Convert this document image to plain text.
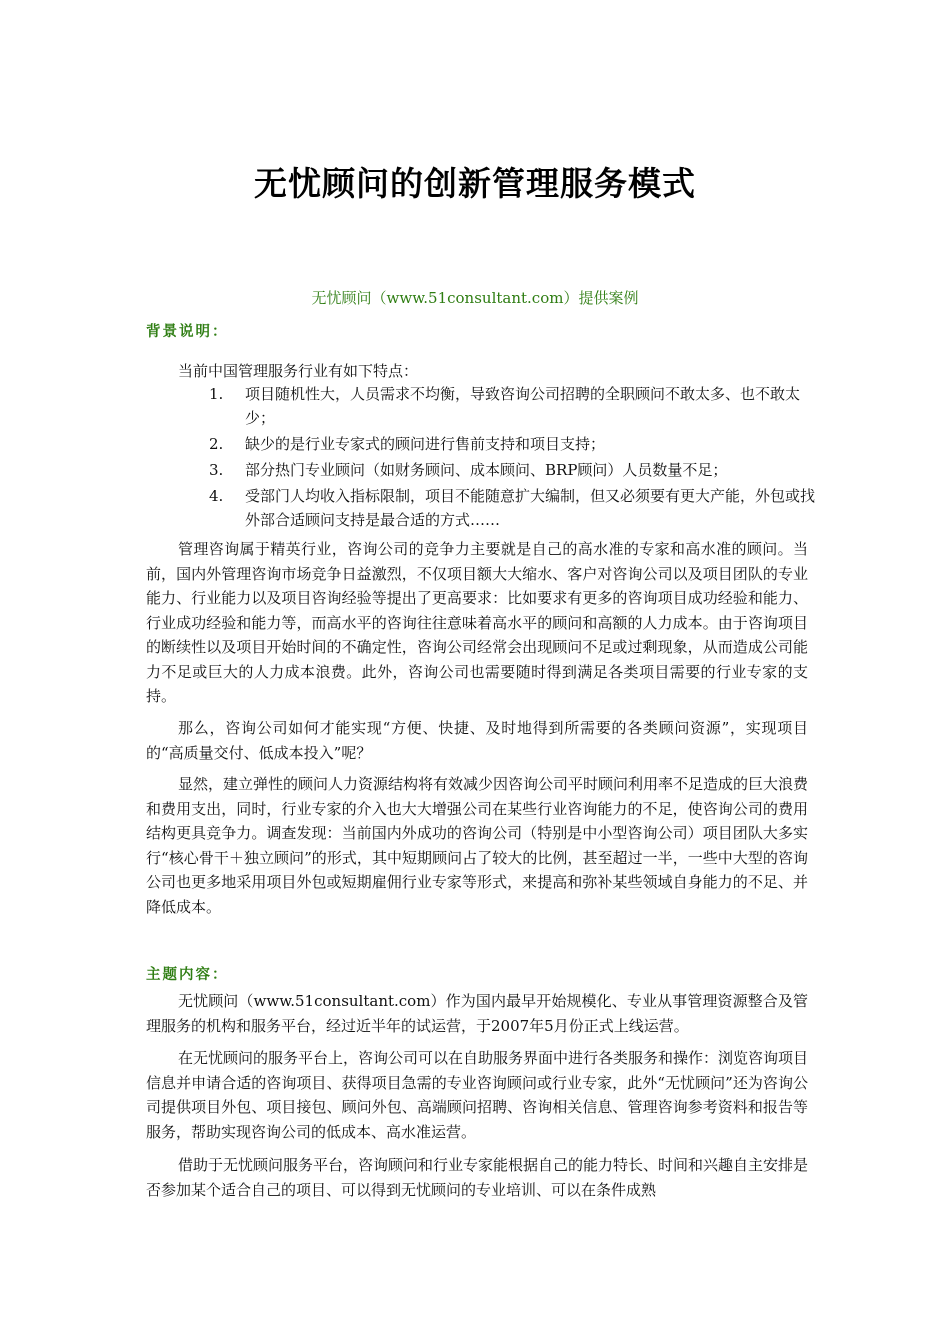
无忧顾问的创新管理服务模式
无忧顾问（www.51consultant.com）提供案例
背景说明：
当前中国管理服务行业有如下特点：
1. 项目随机性大，人员需求不均衡，导致咨询公司招聘的全职顾问不敢太多、也不敢太少；
2. 缺少的是行业专家式的顾问进行售前支持和项目支持；
3. 部分热门专业顾问（如财务顾问、成本顾问、BRP顾问）人员数量不足；
4. 受部门人均收入指标限制，项目不能随意扩大编制，但又必须要有更大产能，外包或找外部合适顾问支持是最合适的方式……

管理咨询属于精英行业，咨询公司的竞争力主要就是自己的高水准的专家和高水准的顾问。当前，国内外管理咨询市场竞争日益激烈，不仅项目额大大缩水、客户对咨询公司以及项目团队的专业能力、行业能力以及项目咨询经验等提出了更高要求：比如要求有更多的咨询项目成功经验和能力、行业成功经验和能力等，而高水平的咨询往往意味着高水平的顾问和高额的人力成本。由于咨询项目的断续性以及项目开始时间的不确定性，咨询公司经常会出现顾问不足或过剩现象，从而造成公司能力不足或巨大的人力成本浪费。此外，咨询公司也需要随时得到满足各类项目需要的行业专家的支持。

那么，咨询公司如何才能实现“方便、快捷、及时地得到所需要的各类顾问资源”，实现项目的“高质量交付、低成本投入”呢？

显然，建立弹性的顾问人力资源结构将有效减少因咨询公司平时顾问利用率不足造成的巨大浪费和费用支出，同时，行业专家的介入也大大增强公司在某些行业咨询能力的不足，使咨询公司的费用结构更具竞争力。调查发现：当前国内外成功的咨询公司（特别是中小型咨询公司）项目团队大多实行“核心骨干＋独立顾问”的形式，其中短期顾问占了较大的比例，甚至超过一半，一些中大型的咨询公司也更多地采用项目外包或短期雇佣行业专家等形式，来提高和弥补某些领域自身能力的不足、并降低成本。

主题内容：

无忧顾问（www.51consultant.com）作为国内最早开始规模化、专业从事管理资源整合及管理服务的机构和服务平台，经过近半年的试运营，于2007年5月份正式上线运营。

在无忧顾问的服务平台上，咨询公司可以在自助服务界面中进行各类服务和操作：浏览咨询项目信息并申请合适的咨询项目、获得项目急需的专业咨询顾问或行业专家，此外“无忧顾问”还为咨询公司提供项目外包、项目接包、顾问外包、高端顾问招聘、咨询相关信息、管理咨询参考资料和报告等服务，帮助实现咨询公司的低成本、高水准运营。

借助于无忧顾问服务平台，咨询顾问和行业专家能根据自己的能力特长、时间和兴趣自主安排是否参加某个适合自己的项目、可以得到无忧顾问的专业培训、可以在条件成熟
